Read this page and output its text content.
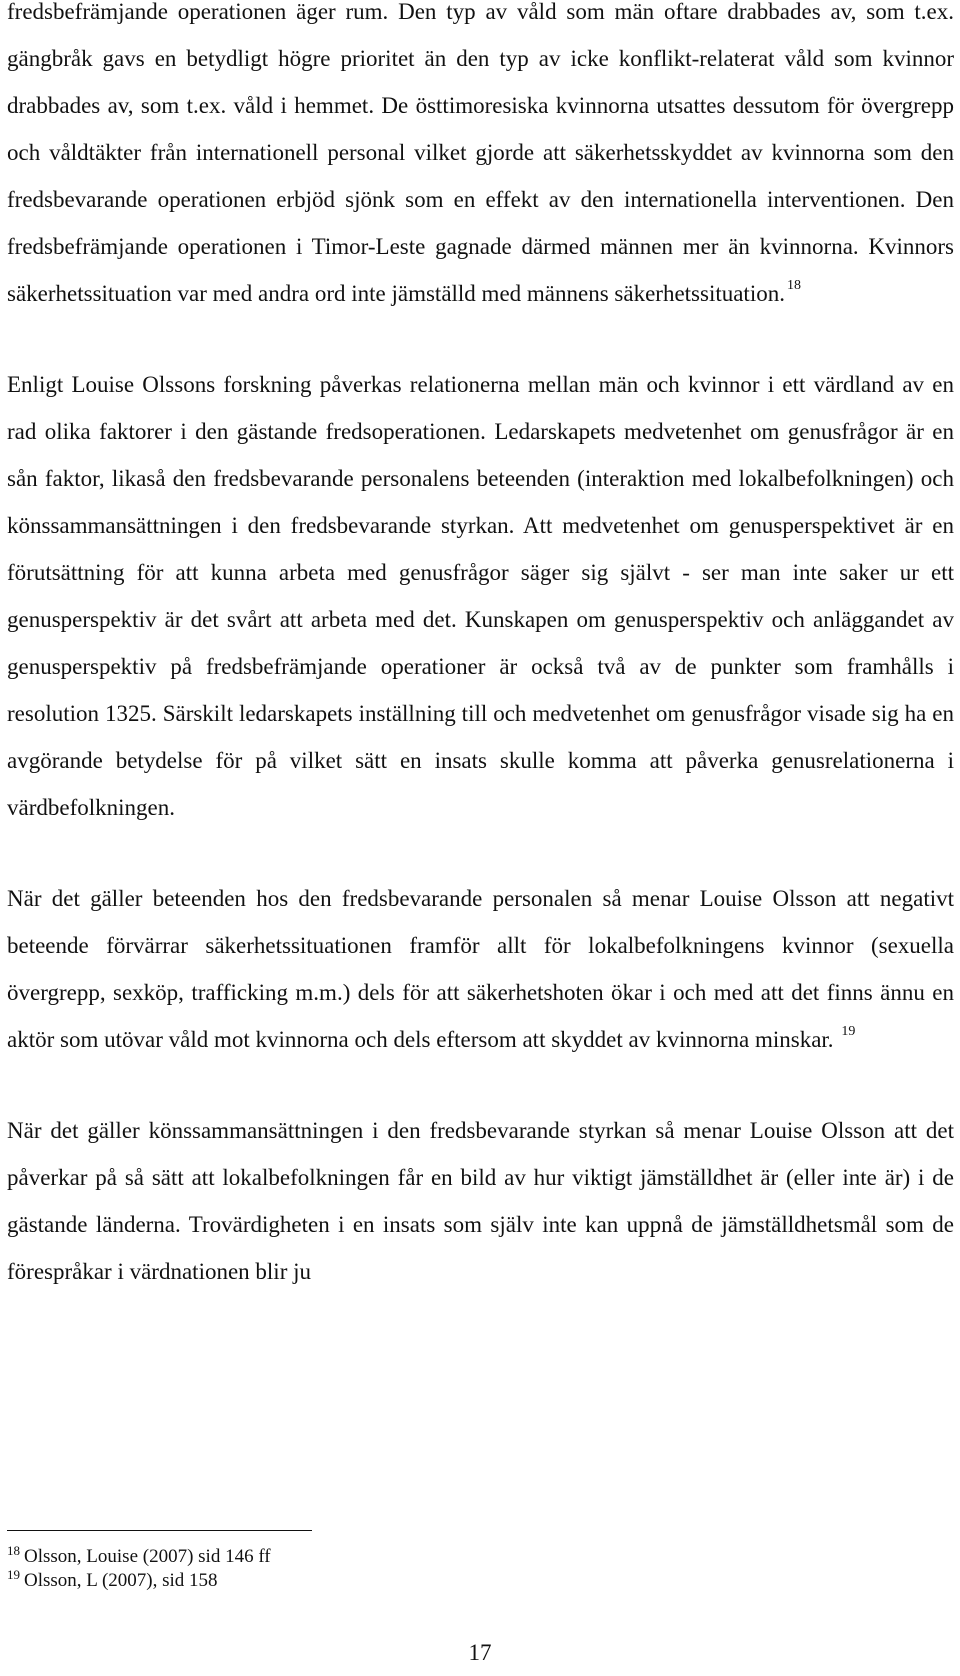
fredsbefrämjande operationen äger rum. Den typ av våld som män oftare drabbades av, som t.ex. gängbråk gavs en betydligt högre prioritet än den typ av icke konflikt-relaterat våld som kvinnor drabbades av, som t.ex. våld i hemmet. De östtimoresiska kvinnorna utsattes dessutom för övergrepp och våldtäkter från internationell personal vilket gjorde att säkerhetsskyddet av kvinnorna som den fredsbevarande operationen erbjöd sjönk som en effekt av den internationella interventionen. Den fredsbefrämjande operationen i Timor-Leste gagnade därmed männen mer än kvinnorna. Kvinnors säkerhetssituation var med andra ord inte jämställd med männens säkerhetssituation. $^{18}$

Enligt Louise Olssons forskning påverkas relationerna mellan män och kvinnor i ett värdland av en rad olika faktorer i den gästande fredsoperationen. Ledarskapets medvetenhet om genusfrågor är en sån faktor, likaså den fredsbevarande personalens beteenden (interaktion med lokalbefolkningen) och könssammansättningen i den fredsbevarande styrkan. Att medvetenhet om genusperspektivet är en förutsättning för att kunna arbeta med genusfrågor säger sig självt - ser man inte saker ur ett genusperspektiv är det svårt att arbeta med det. Kunskapen om genusperspektiv och anläggandet av genusperspektiv på fredsbefrämjande operationer är också två av de punkter som framhålls i resolution 1325. Särskilt ledarskapets inställning till och medvetenhet om genusfrågor visade sig ha en avgörande betydelse för på vilket sätt en insats skulle komma att påverka genusrelationerna i värdbefolkningen.

När det gäller beteenden hos den fredsbevarande personalen så menar Louise Olsson att negativt beteende förvärrar säkerhetssituationen framför allt för lokalbefolkningens kvinnor (sexuella övergrepp, sexköp, trafficking m.m.) dels för att säkerhetshoten ökar i och med att det finns ännu en aktör som utövar våld mot kvinnorna och dels eftersom att skyddet av kvinnorna minskar. $^{19}$

När det gäller könssammansättningen i den fredsbevarande styrkan så menar Louise Olsson att det påverkar på så sätt att lokalbefolkningen får en bild av hur viktigt jämställdhet är (eller inte är) i de gästande länderna. Trovärdigheten i en insats som själv inte kan uppnå de jämställdhetsmål som de förespråkar i värdnationen blir ju

$^{18}$ Olsson, Louise (2007) sid 146 ff

$^{19}$ Olsson, L (2007), sid 158

17
